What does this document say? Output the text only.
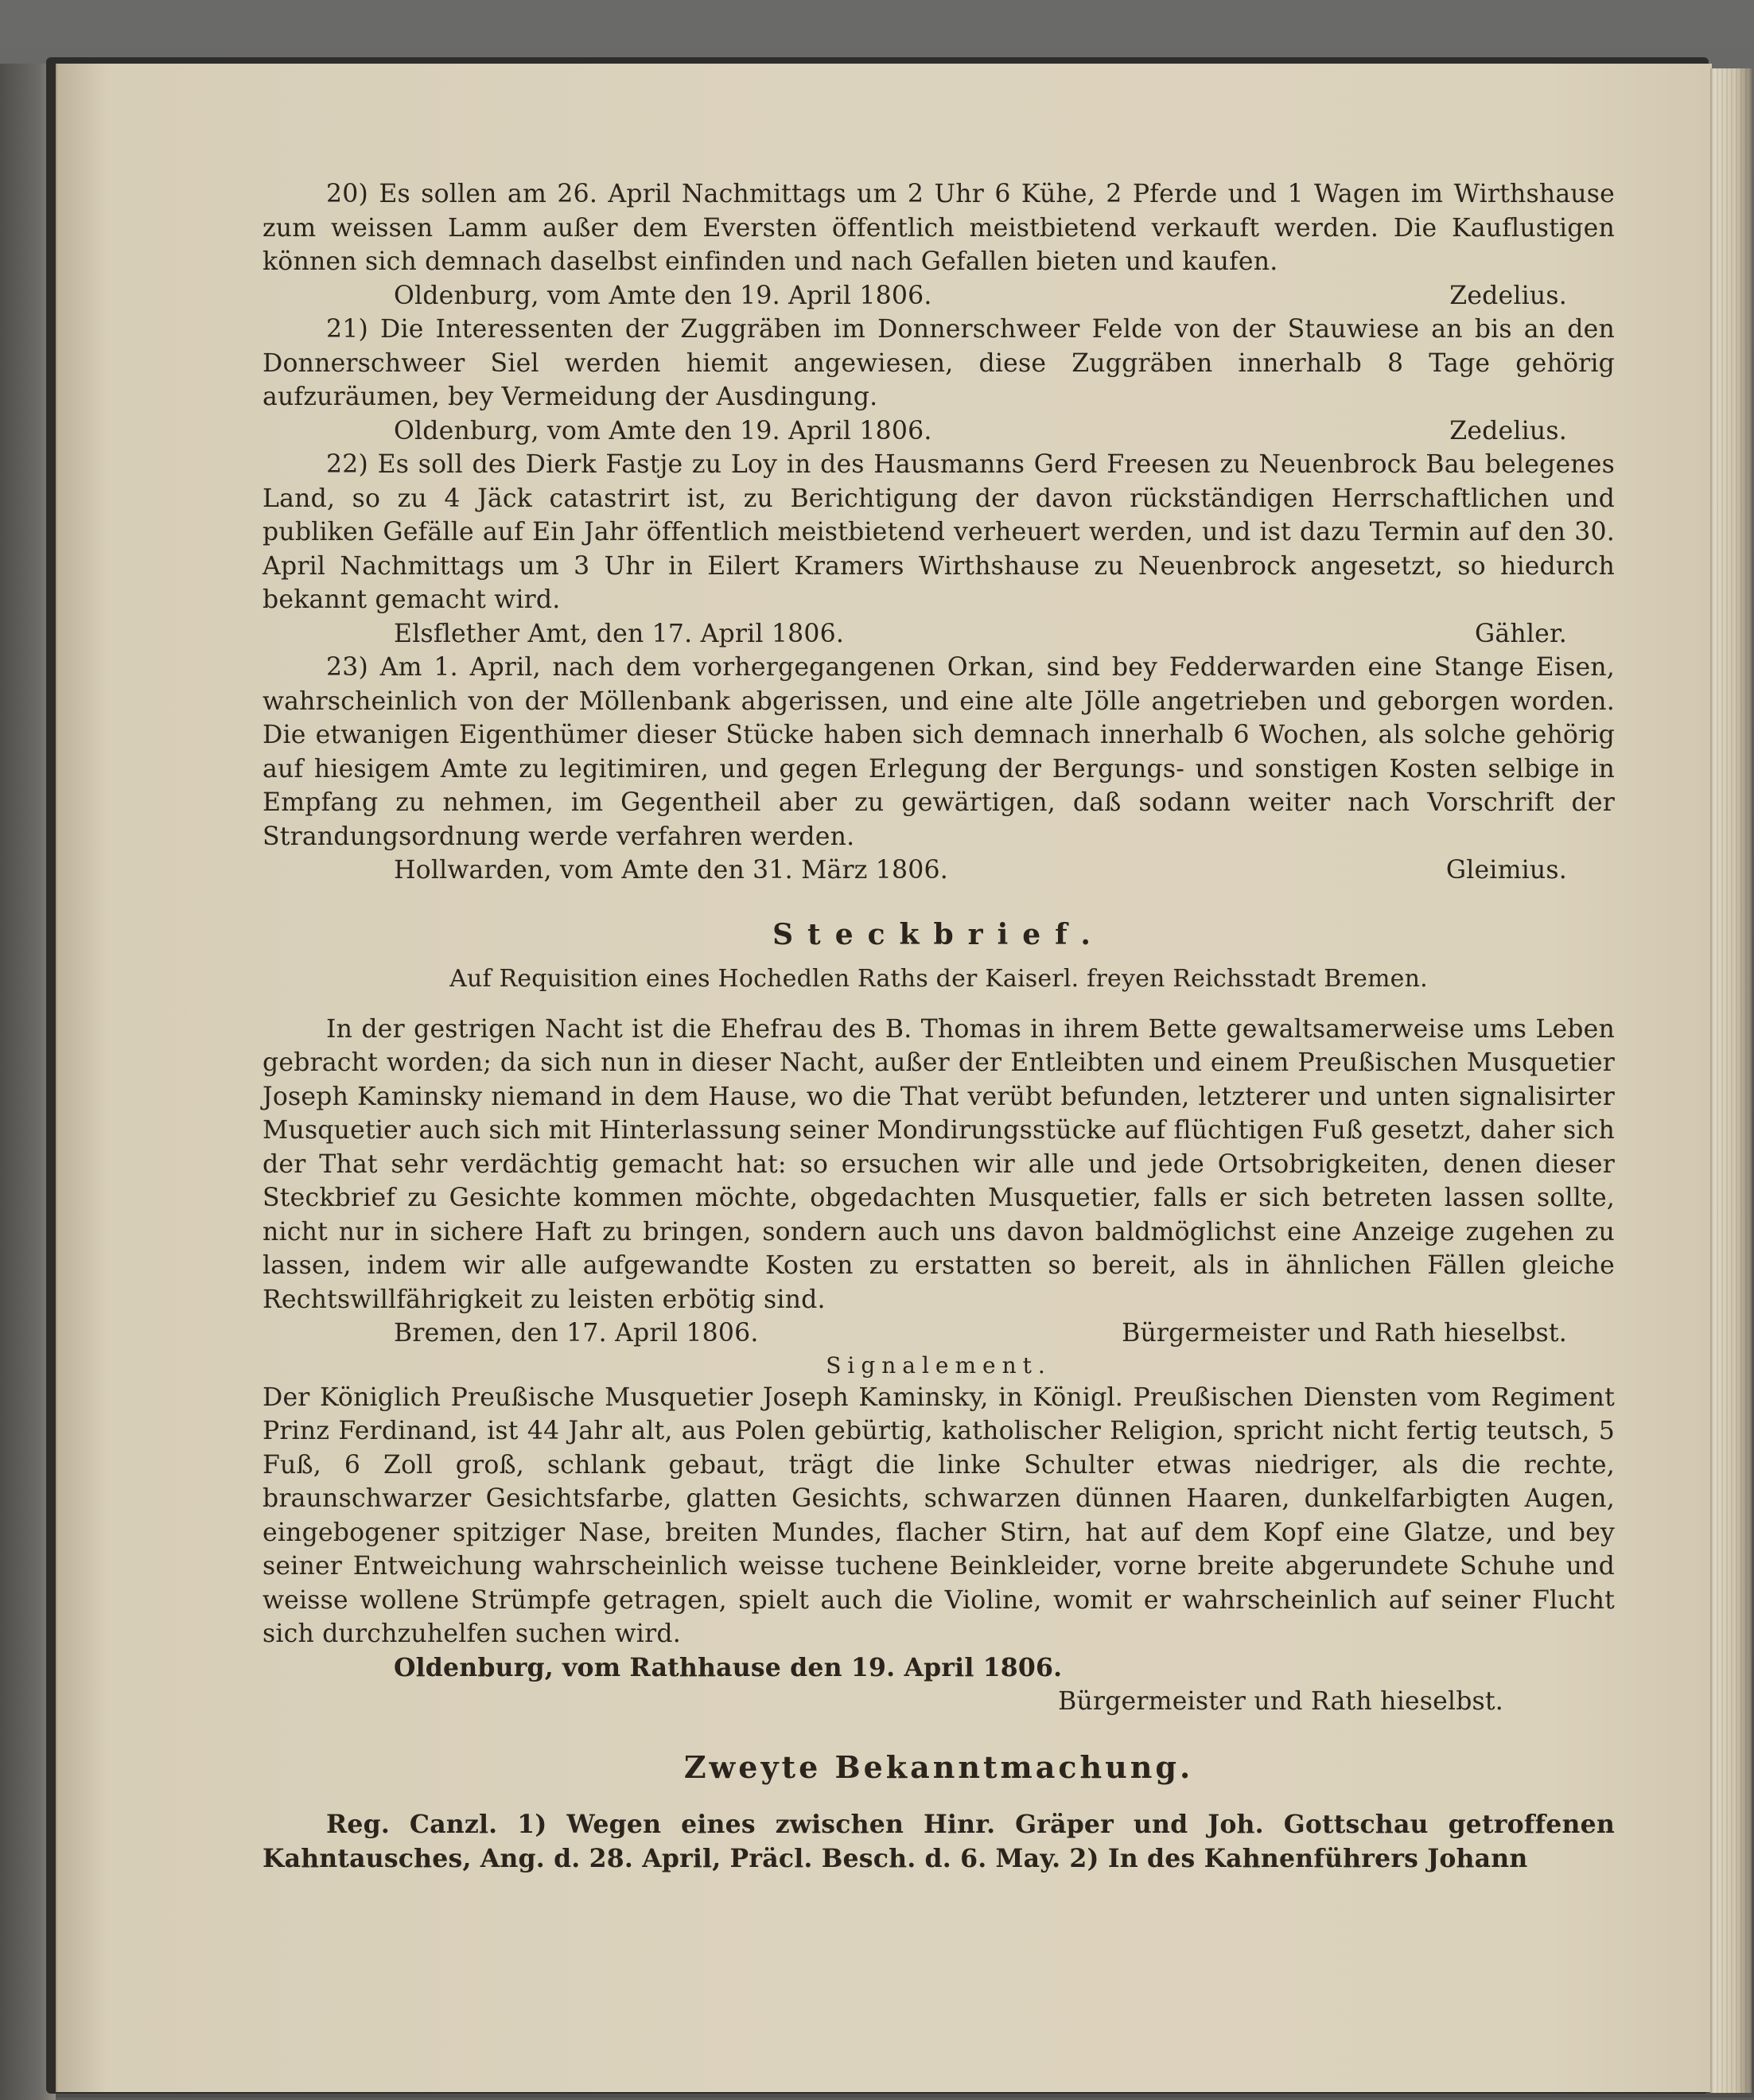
20) Es sollen am 26. April Nachmittags um 2 Uhr 6 Kühe, 2 Pferde und 1 Wagen im Wirthshause zum weissen Lamm außer dem Eversten öffentlich meistbietend verkauft werden. Die Kauflustigen können sich demnach daselbst einfinden und nach Gefallen bieten und kaufen.
Oldenburg, vom Amte den 19. April 1806.	Zedelius.
21) Die Interessenten der Zuggräben im Donnerschweer Felde von der Stauwiese an bis an den Donnerschweer Siel werden hiemit angewiesen, diese Zuggräben innerhalb 8 Tage gehörig aufzuräumen, bey Vermeidung der Ausdingung.
Oldenburg, vom Amte den 19. April 1806.	Zedelius.
22) Es soll des Dierk Fastje zu Loy in des Hausmanns Gerd Freesen zu Neuenbrock Bau belegenes Land, so zu 4 Jäck catastrirt ist, zu Berichtigung der davon rückständigen Herrschaftlichen und publiken Gefälle auf Ein Jahr öffentlich meistbietend verheuert werden, und ist dazu Termin auf den 30. April Nachmittags um 3 Uhr in Eilert Kramers Wirthshause zu Neuenbrock angesetzt, so hiedurch bekannt gemacht wird.
Elsflether Amt, den 17. April 1806.	Gähler.
23) Am 1. April, nach dem vorhergegangenen Orkan, sind bey Fedderwarden eine Stange Eisen, wahrscheinlich von der Möllenbank abgerissen, und eine alte Jölle angetrieben und geborgen worden. Die etwanigen Eigenthümer dieser Stücke haben sich demnach innerhalb 6 Wochen, als solche gehörig auf hiesigem Amte zu legitimiren, und gegen Erlegung der Bergungs- und sonstigen Kosten selbige in Empfang zu nehmen, im Gegentheil aber zu gewärtigen, daß sodann weiter nach Vorschrift der Strandungsordnung werde verfahren werden.
Hollwarden, vom Amte den 31. März 1806.	Gleimius.
Steckbrief.
Auf Requisition eines Hochedlen Raths der Kaiserl. freyen Reichsstadt Bremen.
In der gestrigen Nacht ist die Ehefrau des B. Thomas in ihrem Bette gewaltsamerweise ums Leben gebracht worden; da sich nun in dieser Nacht, außer der Entleibten und einem Preußischen Musquetier Joseph Kaminsky niemand in dem Hause, wo die That verübt befunden, letzterer und unten signalisirter Musquetier auch sich mit Hinterlassung seiner Mondirungsstücke auf flüchtigen Fuß gesetzt, daher sich der That sehr verdächtig gemacht hat: so ersuchen wir alle und jede Ortsobrigkeiten, denen dieser Steckbrief zu Gesichte kommen möchte, obgedachten Musquetier, falls er sich betreten lassen sollte, nicht nur in sichere Haft zu bringen, sondern auch uns davon baldmöglichst eine Anzeige zugehen zu lassen, indem wir alle aufgewandte Kosten zu erstatten so bereit, als in ähnlichen Fällen gleiche Rechtswillfährigkeit zu leisten erbötig sind.
Bremen, den 17. April 1806.	Bürgermeister und Rath hieselbst.
Signalement.
Der Königlich Preußische Musquetier Joseph Kaminsky, in Königl. Preußischen Diensten vom Regiment Prinz Ferdinand, ist 44 Jahr alt, aus Polen gebürtig, katholischer Religion, spricht nicht fertig teutsch, 5 Fuß, 6 Zoll groß, schlank gebaut, trägt die linke Schulter etwas niedriger, als die rechte, braunschwarzer Gesichtsfarbe, glatten Gesichts, schwarzen dünnen Haaren, dunkelfarbigten Augen, eingebogener spitziger Nase, breiten Mundes, flacher Stirn, hat auf dem Kopf eine Glatze, und bey seiner Entweichung wahrscheinlich weisse tuchene Beinkleider, vorne breite abgerundete Schuhe und weisse wollene Strümpfe getragen, spielt auch die Violine, womit er wahrscheinlich auf seiner Flucht sich durchzuhelfen suchen wird.
Oldenburg, vom Rathhause den 19. April 1806.
Bürgermeister und Rath hieselbst.
Zweyte Bekanntmachung.
Reg. Canzl. 1) Wegen eines zwischen Hinr. Gräper und Joh. Gottschau getroffenen Kahntausches, Ang. d. 28. April, Präcl. Besch. d. 6. May. 2) In des Kahnenführers Johann
